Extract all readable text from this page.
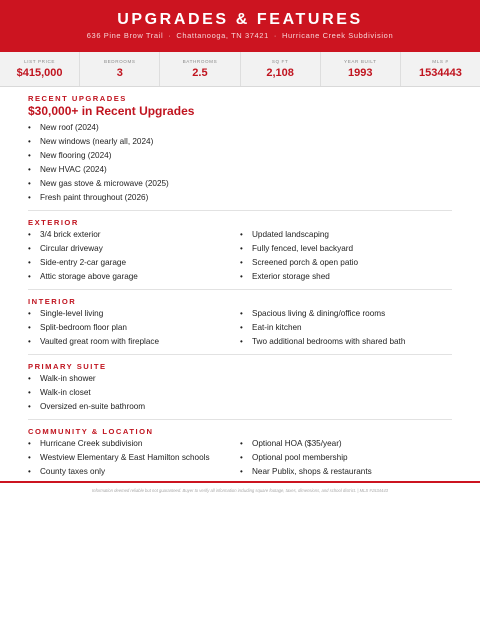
UPGRADES & FEATURES
636 Pine Brow Trail · Chattanooga, TN 37421 · Hurricane Creek Subdivision
LIST PRICE
$415,000
BEDROOMS
3
BATHROOMS
2.5
SQ FT
2,108
YEAR BUILT
1993
MLS #
1534443
RECENT UPGRADES
$30,000+ in Recent Upgrades
• New roof (2024)
• New windows (nearly all, 2024)
• New flooring (2024)
• New HVAC (2024)
• New gas stove & microwave (2025)
• Fresh paint throughout (2026)
EXTERIOR
• 3/4 brick exterior
• Circular driveway
• Side-entry 2-car garage
• Attic storage above garage
• Updated landscaping
• Fully fenced, level backyard
• Screened porch & open patio
• Exterior storage shed
INTERIOR
• Single-level living
• Split-bedroom floor plan
• Vaulted great room with fireplace
• Spacious living & dining/office rooms
• Eat-in kitchen
• Two additional bedrooms with shared bath
PRIMARY SUITE
• Walk-in shower
• Walk-in closet
• Oversized en-suite bathroom
COMMUNITY & LOCATION
• Hurricane Creek subdivision
• Westview Elementary & East Hamilton schools
• County taxes only
• Optional HOA ($35/year)
• Optional pool membership
• Near Publix, shops & restaurants
Information deemed reliable but not guaranteed. Buyer to verify all information including square footage, taxes, dimensions, and school district. | MLS #1534443
